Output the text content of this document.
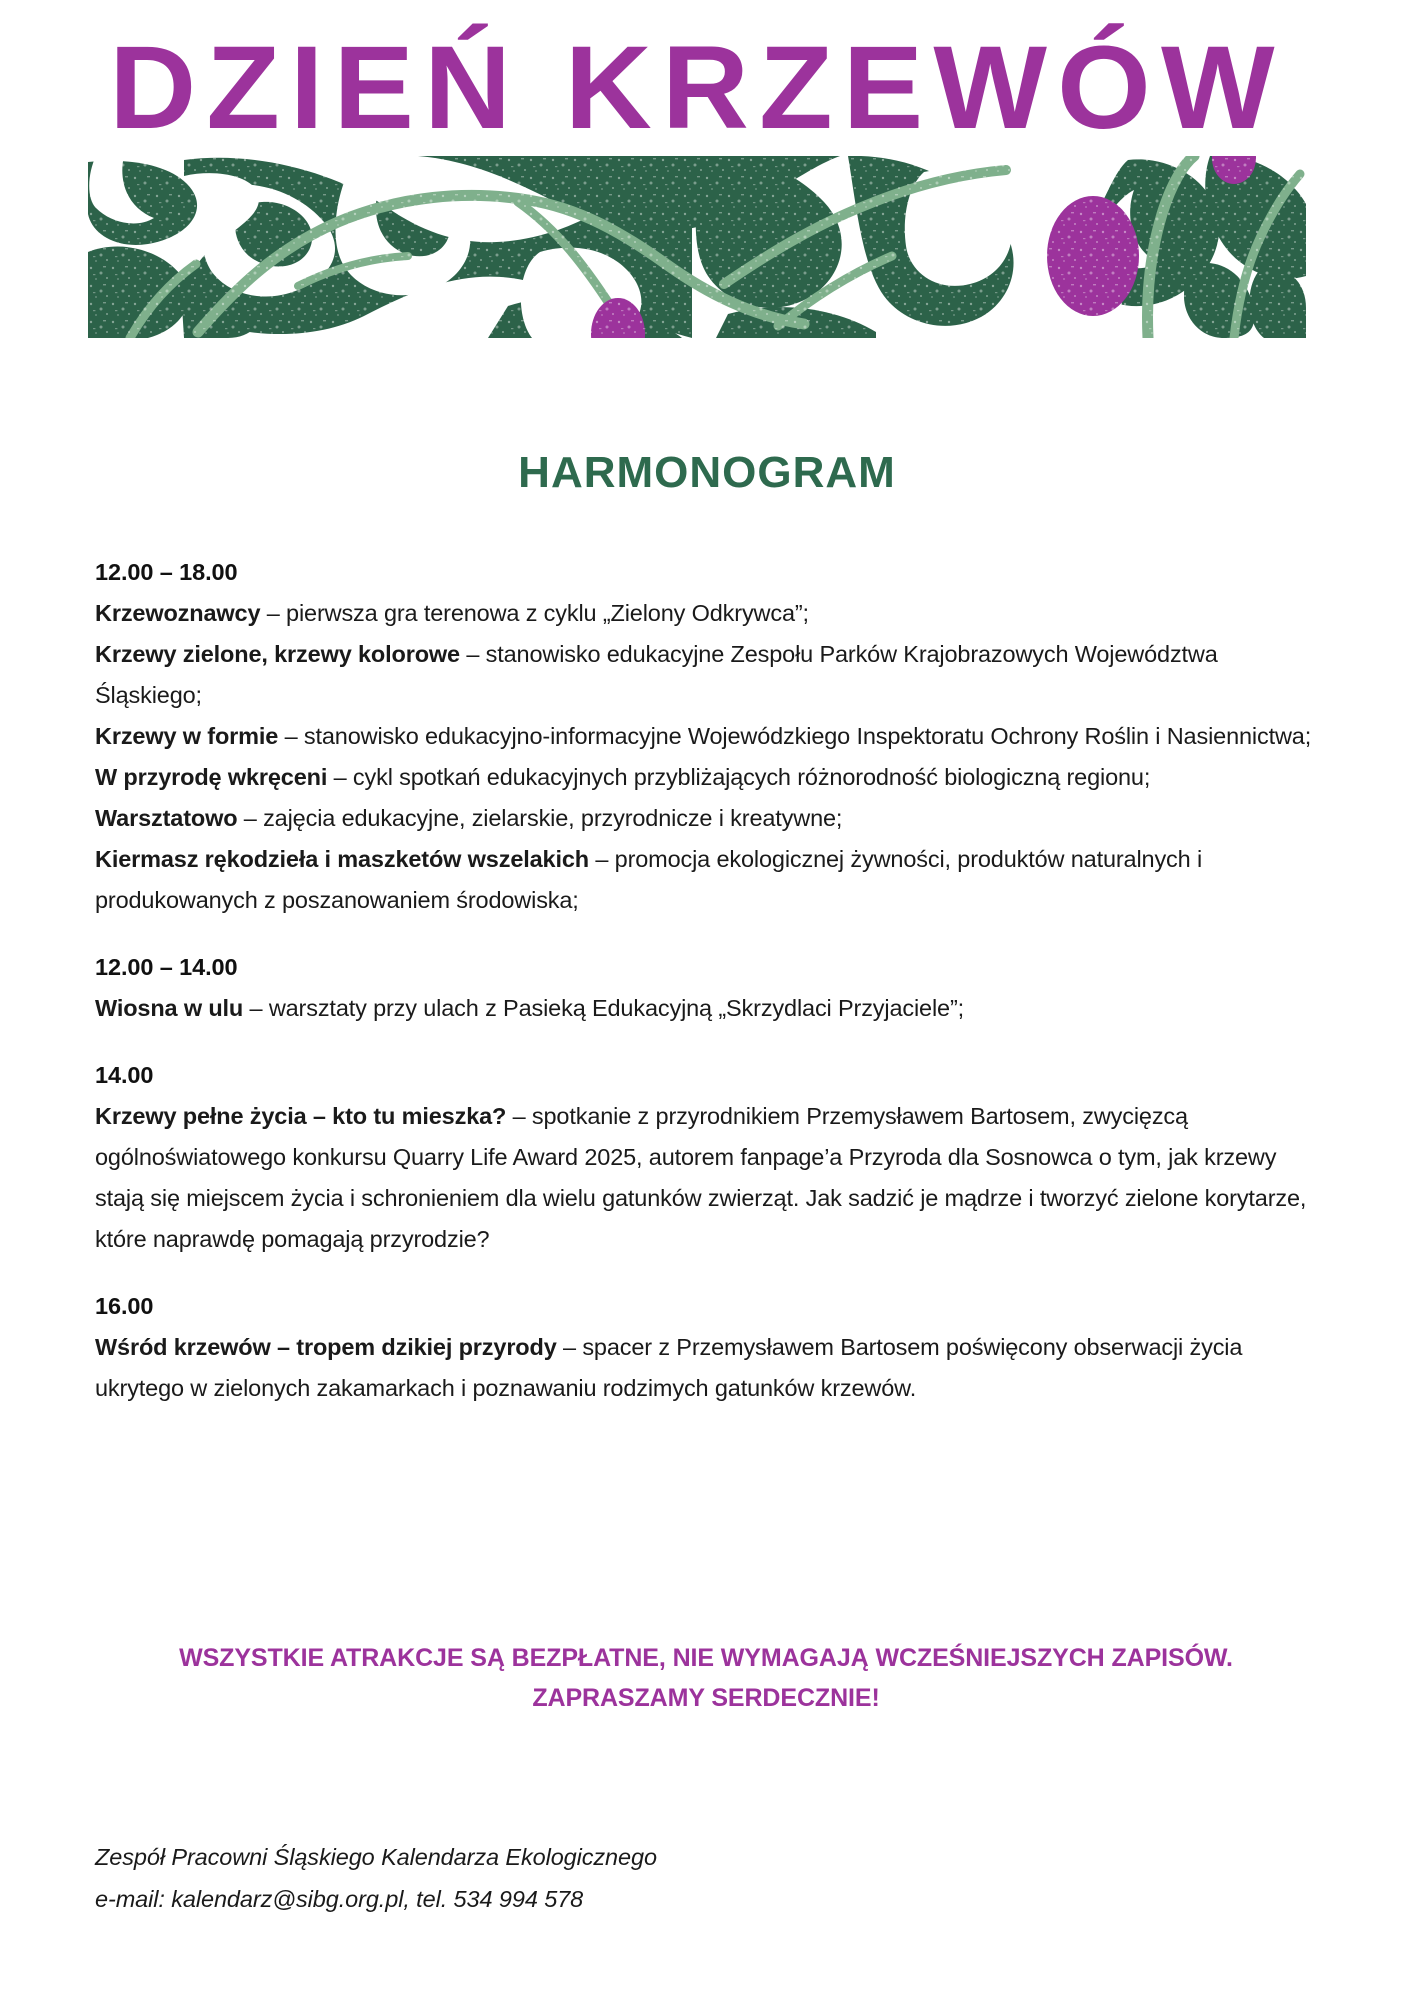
DZIEŃ KRZEWÓW
HARMONOGRAM
12.00 – 18.00
Krzewoznawcy – pierwsza gra terenowa z cyklu „Zielony Odkrywca”;
Krzewy zielone, krzewy kolorowe – stanowisko edukacyjne Zespołu Parków Krajobrazowych Województwa Śląskiego;
Krzewy w formie – stanowisko edukacyjno-informacyjne Wojewódzkiego Inspektoratu Ochrony Roślin i Nasiennictwa;
W przyrodę wkręceni – cykl spotkań edukacyjnych przybliżających różnorodność biologiczną regionu;
Warsztatowo – zajęcia edukacyjne, zielarskie, przyrodnicze i kreatywne;
Kiermasz rękodzieła i maszketów wszelakich – promocja ekologicznej żywności, produktów naturalnych i produkowanych z poszanowaniem środowiska;
12.00 – 14.00
Wiosna w ulu – warsztaty przy ulach z Pasieką Edukacyjną „Skrzydlaci Przyjaciele”;
14.00
Krzewy pełne życia – kto tu mieszka? – spotkanie z przyrodnikiem Przemysławem Bartosem, zwycięzcą ogólnoświatowego konkursu Quarry Life Award 2025, autorem fanpage’a Przyroda dla Sosnowca o tym, jak krzewy stają się miejscem życia i schronieniem dla wielu gatunków zwierząt. Jak sadzić je mądrze i tworzyć zielone korytarze, które naprawdę pomagają przyrodzie?
16.00
Wśród krzewów – tropem dzikiej przyrody – spacer z Przemysławem Bartosem poświęcony obserwacji życia ukrytego w zielonych zakamarkach i poznawaniu rodzimych gatunków krzewów.
WSZYSTKIE ATRAKCJE SĄ BEZPŁATNE, NIE WYMAGAJĄ WCZEŚNIEJSZYCH ZAPISÓW.
ZAPRASZAMY SERDECZNIE!
Zespół Pracowni Śląskiego Kalendarza Ekologicznego
e-mail: kalendarz@sibg.org.pl, tel. 534 994 578
